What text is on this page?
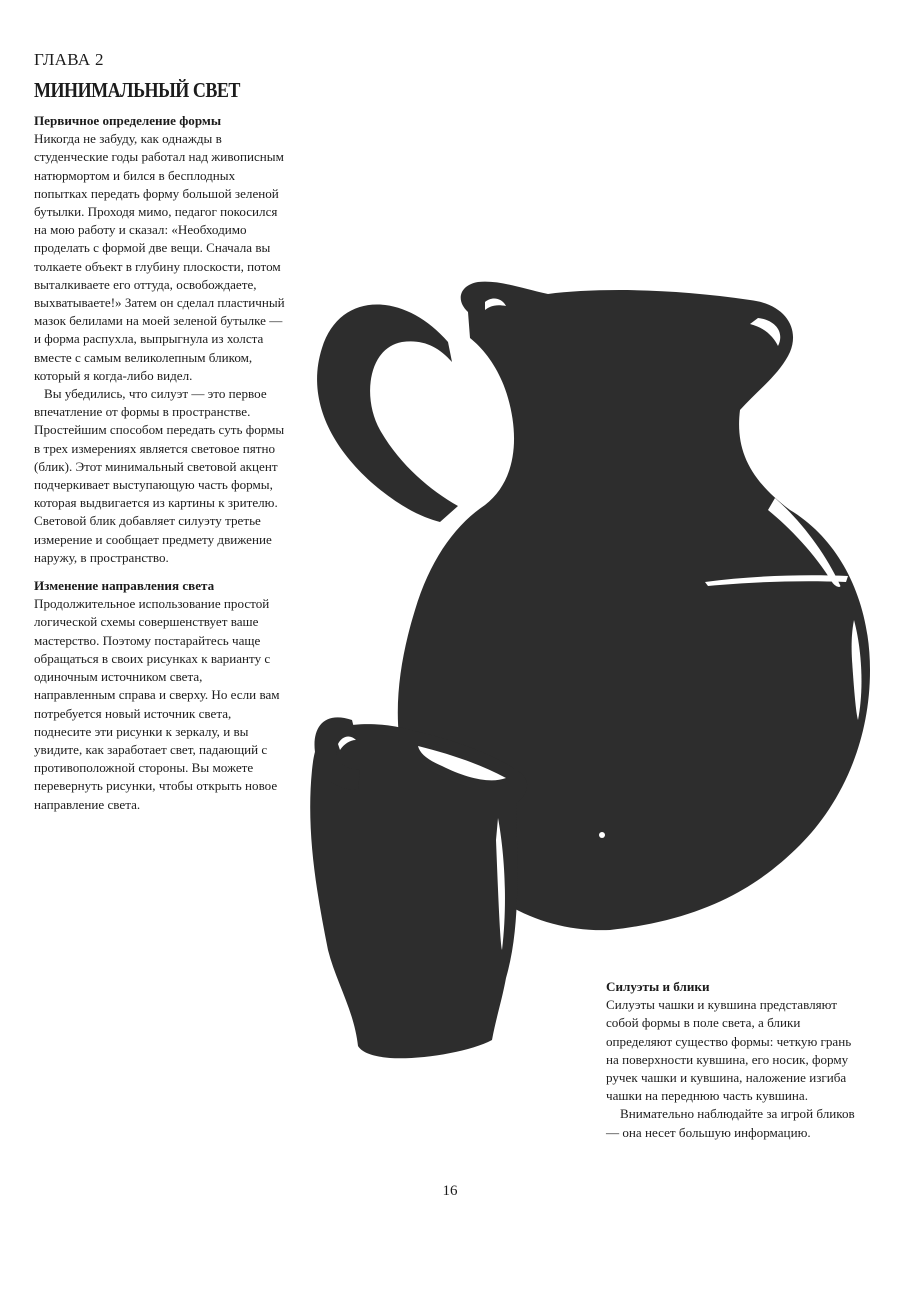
ГЛАВА 2
МИНИМАЛЬНЫЙ СВЕТ

Первичное определение формы

Никогда не забуду, как однажды в студенческие годы работал над живописным натюрмортом и бился в бесплодных попытках передать форму большой зеленой бутылки. Проходя мимо, педагог покосился на мою работу и сказал: «Необходимо проделать с формой две вещи. Сначала вы толкаете объект в глубину плоскости, потом выталкиваете его оттуда, освобождаете, выхватываете!» Затем он сделал пластичный мазок белилами на моей зеленой бутылке — и форма распухла, выпрыгнула из холста вместе с самым великолепным бликом, который я когда-либо видел.

Вы убедились, что силуэт — это первое впечатление от формы в пространстве. Простейшим способом передать суть формы в трех измерениях является световое пятно (блик). Этот минимальный световой акцент подчеркивает выступающую часть формы, которая выдвигается из картины к зрителю. Световой блик добавляет силуэту третье измерение и сообщает предмету движение наружу, в пространство.

Изменение направления света

Продолжительное использование простой логической схемы совершенствует ваше мастерство. Поэтому постарайтесь чаще обращаться в своих рисунках к варианту с одиночным источником света, направленным справа и сверху. Но если вам потребуется новый источник света, поднесите эти рисунки к зеркалу, и вы увидите, как заработает свет, падающий с противоположной стороны. Вы можете перевернуть рисунки, чтобы открыть новое направление света.

Силуэты и блики

Силуэты чашки и кувшина представляют собой формы в поле света, а блики определяют существо формы: четкую грань на поверхности кувшина, его носик, форму ручек чашки и кувшина, наложение изгиба чашки на переднюю часть кувшина.

Внимательно наблюдайте за игрой бликов — она несет большую информацию.

16
